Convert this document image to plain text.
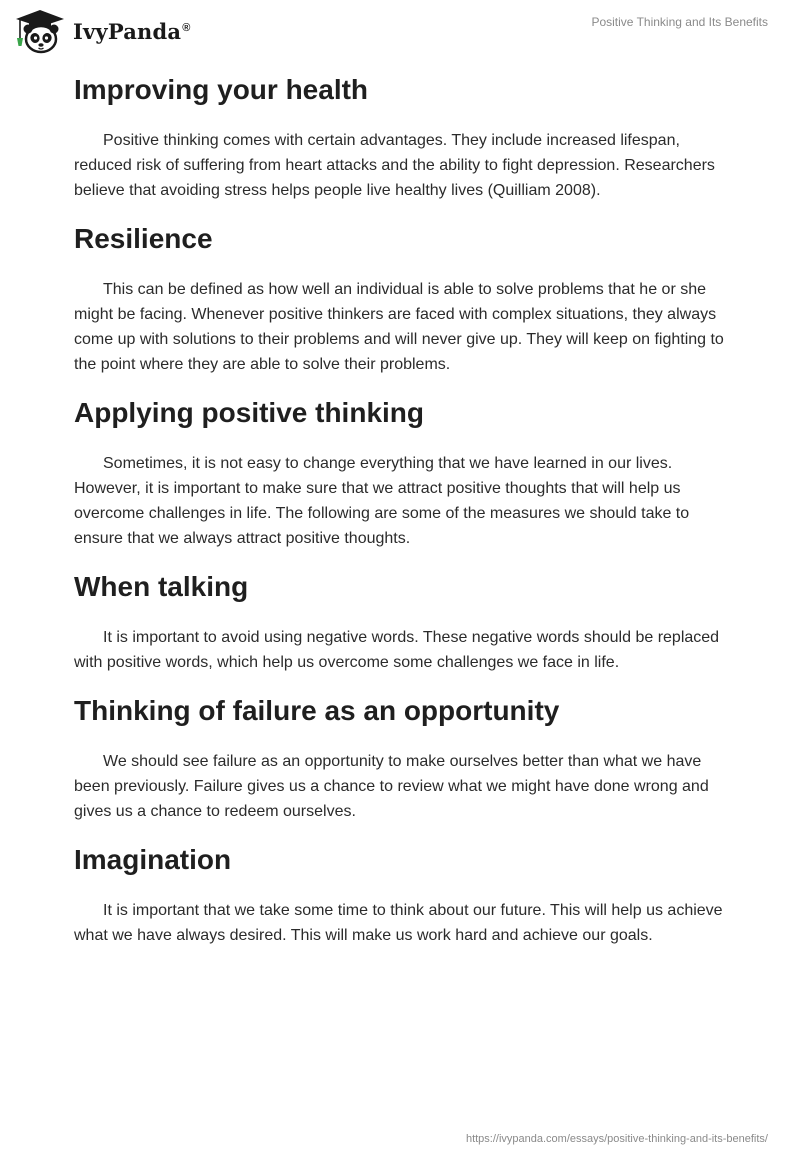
IvyPanda®	Positive Thinking and Its Benefits
Improving your health

Positive thinking comes with certain advantages. They include increased lifespan, reduced risk of suffering from heart attacks and the ability to fight depression. Researchers believe that avoiding stress helps people live healthy lives (Quilliam 2008).

Resilience

This can be defined as how well an individual is able to solve problems that he or she might be facing. Whenever positive thinkers are faced with complex situations, they always come up with solutions to their problems and will never give up. They will keep on fighting to the point where they are able to solve their problems.

Applying positive thinking

Sometimes, it is not easy to change everything that we have learned in our lives. However, it is important to make sure that we attract positive thoughts that will help us overcome challenges in life. The following are some of the measures we should take to ensure that we always attract positive thoughts.

When talking

It is important to avoid using negative words. These negative words should be replaced with positive words, which help us overcome some challenges we face in life.

Thinking of failure as an opportunity

We should see failure as an opportunity to make ourselves better than what we have been previously. Failure gives us a chance to review what we might have done wrong and gives us a chance to redeem ourselves.

Imagination

It is important that we take some time to think about our future. This will help us achieve what we have always desired. This will make us work hard and achieve our goals.

https://ivypanda.com/essays/positive-thinking-and-its-benefits/
